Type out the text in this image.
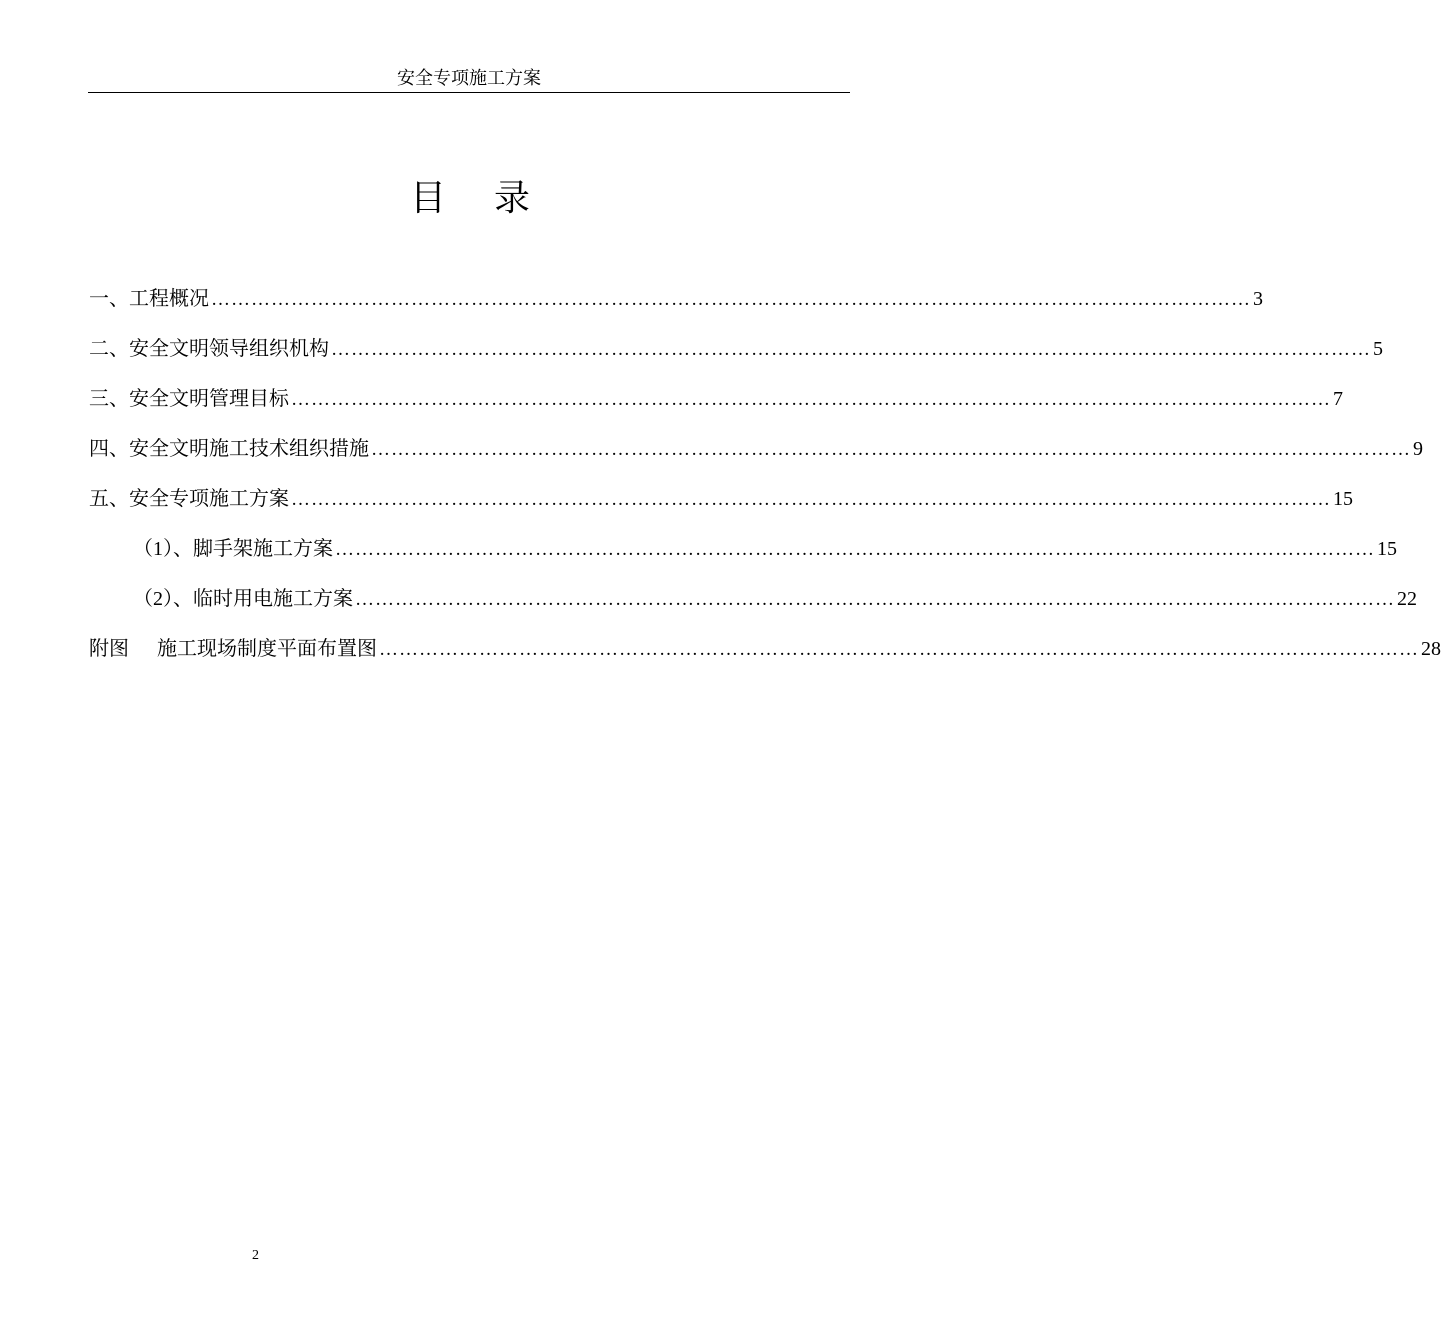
安全专项施工方案
目 录
一、工程概况 ………………………………………………………………………………………………………………………………………… 3
二、安全文明领导组织机构 ………………………………………………………………………………………………………………………………………… 5
三、安全文明管理目标 ………………………………………………………………………………………………………………………………………… 7
四、安全文明施工技术组织措施 ………………………………………………………………………………………………………………………………………… 9
五、安全专项施工方案 ………………………………………………………………………………………………………………………………………… 15
（1）、脚手架施工方案 ………………………………………………………………………………………………………………………………………… 15
（2）、临时用电施工方案 ………………………………………………………………………………………………………………………………………… 22
附图 施工现场制度平面布置图 ………………………………………………………………………………………………………………………………………… 28
2
